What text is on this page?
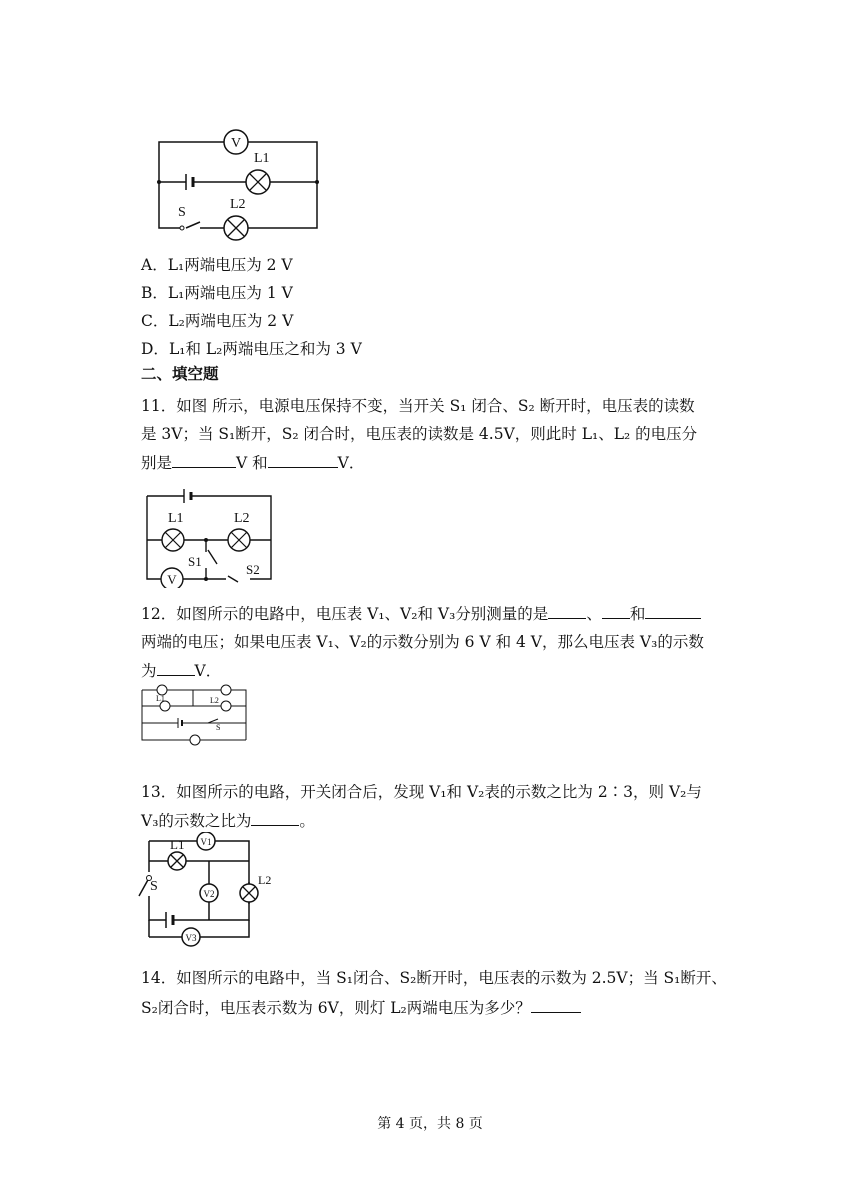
V
L1
L2
S
A．L₁两端电压为 2 V
B．L₁两端电压为 1 V
C．L₂两端电压为 2 V
D．L₁和 L₂两端电压之和为 3 V
二、填空题
11．如图 所示，电源电压保持不变，当开关 S₁ 闭合、S₂ 断开时，电压表的读数
是 3V；当 S₁断开，S₂ 闭合时，电压表的读数是 4.5V，则此时 L₁、L₂ 的电压分
别是	V 和	V．
L1	L2
V
S1
S2
12．如图所示的电路中，电压表 V₁、V₂和 V₃分别测量的是 、 和
两端的电压；如果电压表 V₁、V₂的示数分别为 6 V 和 4 V，那么电压表 V₃的示数
为 V．
L1	L2
S
13．如图所示的电路，开关闭合后，发现 V₁和 V₂表的示数之比为 2∶3，则 V₂与
V₃的示数之比为	。
L1
L2
V1
V2
V3
S
14．如图所示的电路中，当 S₁闭合、S₂断开时，电压表的示数为 2.5V；当 S₁断开、
S₂闭合时，电压表示数为 6V，则灯 L₂两端电压为多少？
第 4 页，共 8 页
